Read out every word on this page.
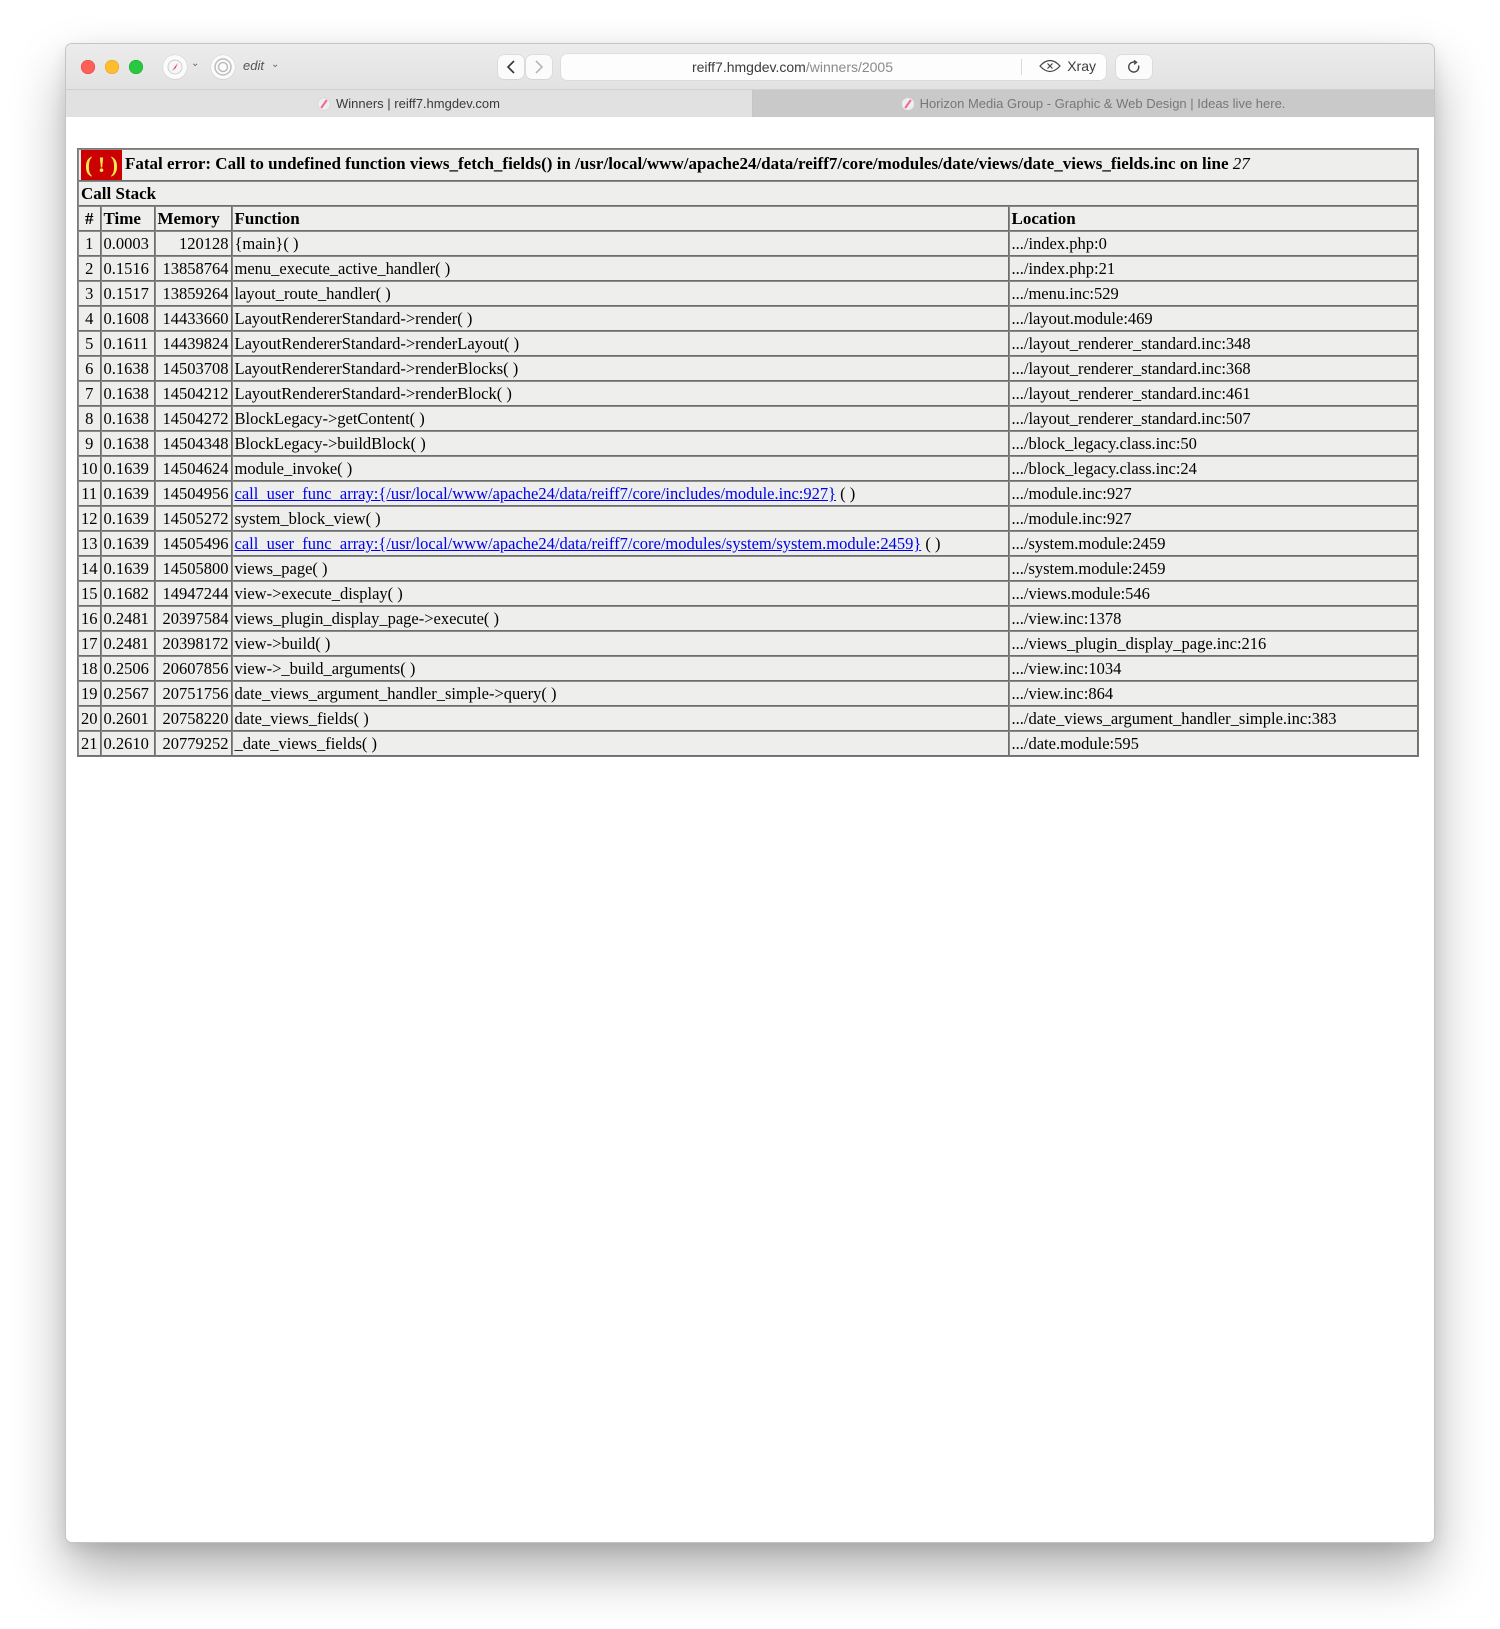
⌄	edit ⌄	reiff7.hmgdev.com/winners/2005	Xray
Winners | reiff7.hmgdev.com	Horizon Media Group - Graphic & Web Design | Ideas live here.
( ! ) Fatal error: Call to undefined function views_fetch_fields() in /usr/local/www/apache24/data/reiff7/core/modules/date/views/date_views_fields.inc on line 27				
Call Stack				
#	Time	Memory	Function	Location
1	0.0003	120128	{main}( )	.../index.php:0
2	0.1516	13858764	menu_execute_active_handler( )	.../index.php:21
3	0.1517	13859264	layout_route_handler( )	.../menu.inc:529
4	0.1608	14433660	LayoutRendererStandard->render( )	.../layout.module:469
5	0.1611	14439824	LayoutRendererStandard->renderLayout( )	.../layout_renderer_standard.inc:348
6	0.1638	14503708	LayoutRendererStandard->renderBlocks( )	.../layout_renderer_standard.inc:368
7	0.1638	14504212	LayoutRendererStandard->renderBlock( )	.../layout_renderer_standard.inc:461
8	0.1638	14504272	BlockLegacy->getContent( )	.../layout_renderer_standard.inc:507
9	0.1638	14504348	BlockLegacy->buildBlock( )	.../block_legacy.class.inc:50
10	0.1639	14504624	module_invoke( )	.../block_legacy.class.inc:24
11	0.1639	14504956	call_user_func_array:{/usr/local/www/apache24/data/reiff7/core/includes/module.inc:927} ( )	.../module.inc:927
12	0.1639	14505272	system_block_view( )	.../module.inc:927
13	0.1639	14505496	call_user_func_array:{/usr/local/www/apache24/data/reiff7/core/modules/system/system.module:2459} ( )	.../system.module:2459
14	0.1639	14505800	views_page( )	.../system.module:2459
15	0.1682	14947244	view->execute_display( )	.../views.module:546
16	0.2481	20397584	views_plugin_display_page->execute( )	.../view.inc:1378
17	0.2481	20398172	view->build( )	.../views_plugin_display_page.inc:216
18	0.2506	20607856	view->_build_arguments( )	.../view.inc:1034
19	0.2567	20751756	date_views_argument_handler_simple->query( )	.../view.inc:864
20	0.2601	20758220	date_views_fields( )	.../date_views_argument_handler_simple.inc:383
21	0.2610	20779252	_date_views_fields( )	.../date.module:595
